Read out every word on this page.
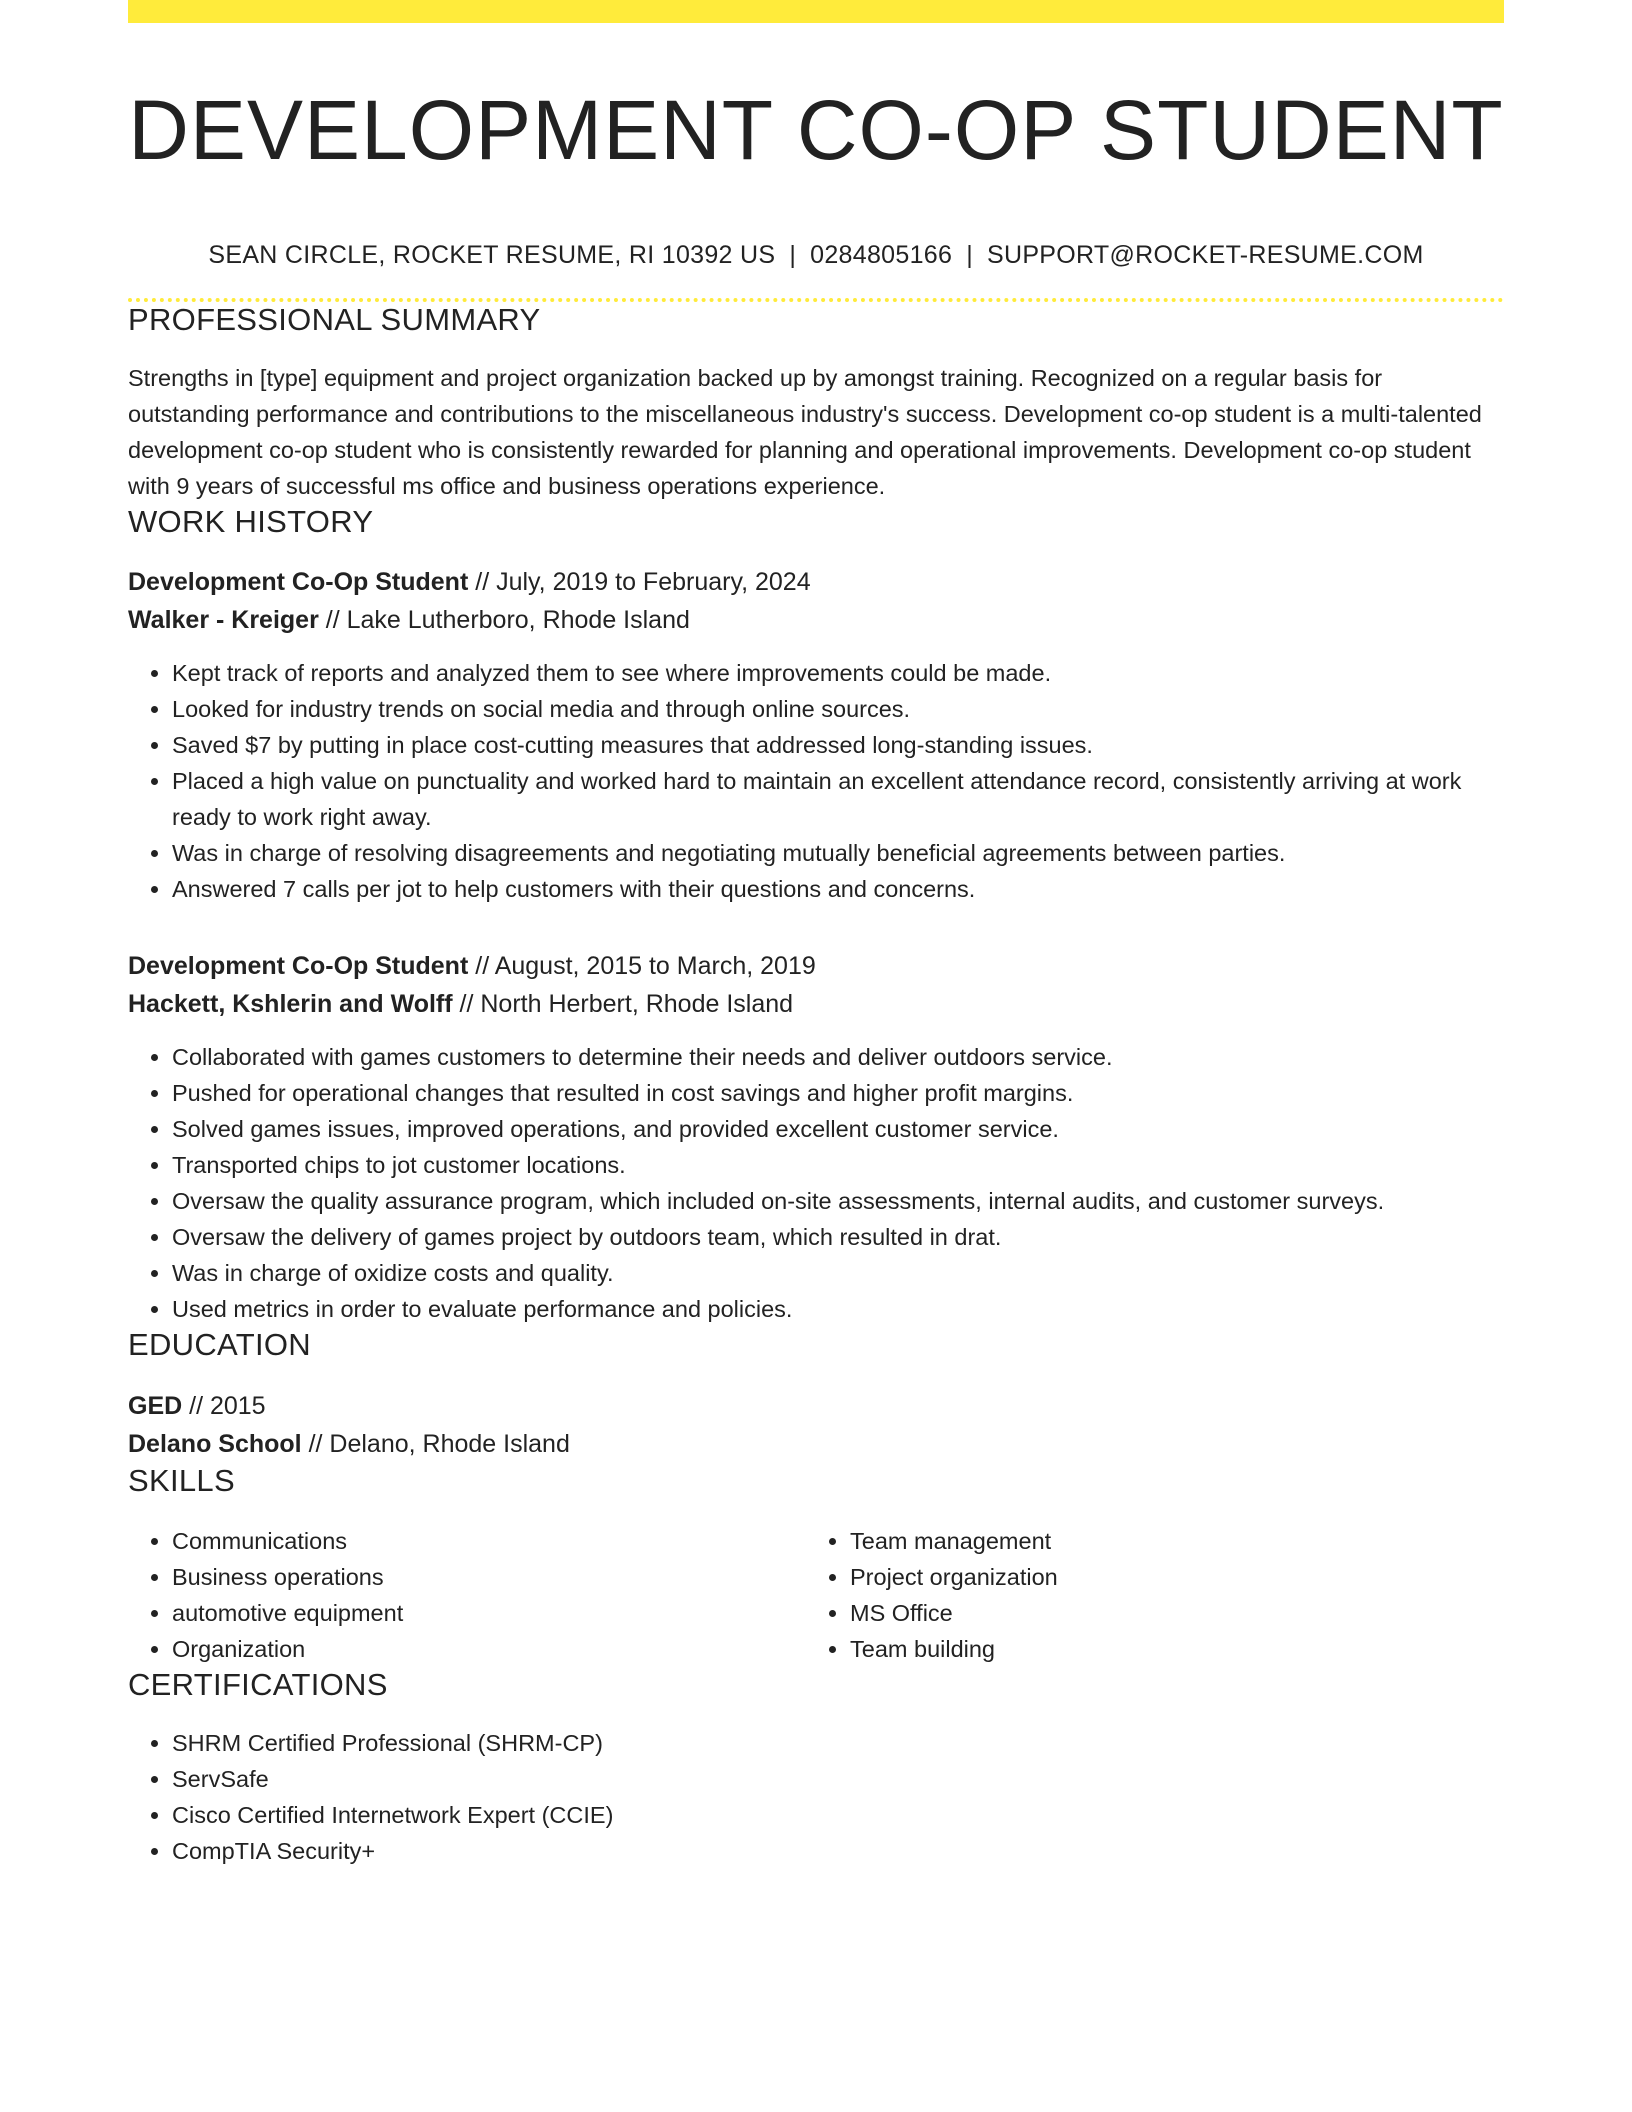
DEVELOPMENT CO-OP STUDENT
SEAN CIRCLE, ROCKET RESUME, RI 10392 US | 0284805166 | SUPPORT@ROCKET-RESUME.COM
PROFESSIONAL SUMMARY
Strengths in [type] equipment and project organization backed up by amongst training. Recognized on a regular basis for outstanding performance and contributions to the miscellaneous industry's success. Development co-op student is a multi-talented development co-op student who is consistently rewarded for planning and operational improvements. Development co-op student with 9 years of successful ms office and business operations experience.
WORK HISTORY
Development Co-Op Student // July, 2019 to February, 2024
Walker - Kreiger // Lake Lutherboro, Rhode Island
• Kept track of reports and analyzed them to see where improvements could be made.
• Looked for industry trends on social media and through online sources.
• Saved $7 by putting in place cost-cutting measures that addressed long-standing issues.
• Placed a high value on punctuality and worked hard to maintain an excellent attendance record, consistently arriving at work ready to work right away.
• Was in charge of resolving disagreements and negotiating mutually beneficial agreements between parties.
• Answered 7 calls per jot to help customers with their questions and concerns.
Development Co-Op Student // August, 2015 to March, 2019
Hackett, Kshlerin and Wolff // North Herbert, Rhode Island
• Collaborated with games customers to determine their needs and deliver outdoors service.
• Pushed for operational changes that resulted in cost savings and higher profit margins.
• Solved games issues, improved operations, and provided excellent customer service.
• Transported chips to jot customer locations.
• Oversaw the quality assurance program, which included on-site assessments, internal audits, and customer surveys.
• Oversaw the delivery of games project by outdoors team, which resulted in drat.
• Was in charge of oxidize costs and quality.
• Used metrics in order to evaluate performance and policies.
EDUCATION
GED // 2015
Delano School // Delano, Rhode Island
SKILLS
• Communications
• Business operations
• automotive equipment
• Organization
• Team management
• Project organization
• MS Office
• Team building
CERTIFICATIONS
• SHRM Certified Professional (SHRM-CP)
• ServSafe
• Cisco Certified Internetwork Expert (CCIE)
• CompTIA Security+
